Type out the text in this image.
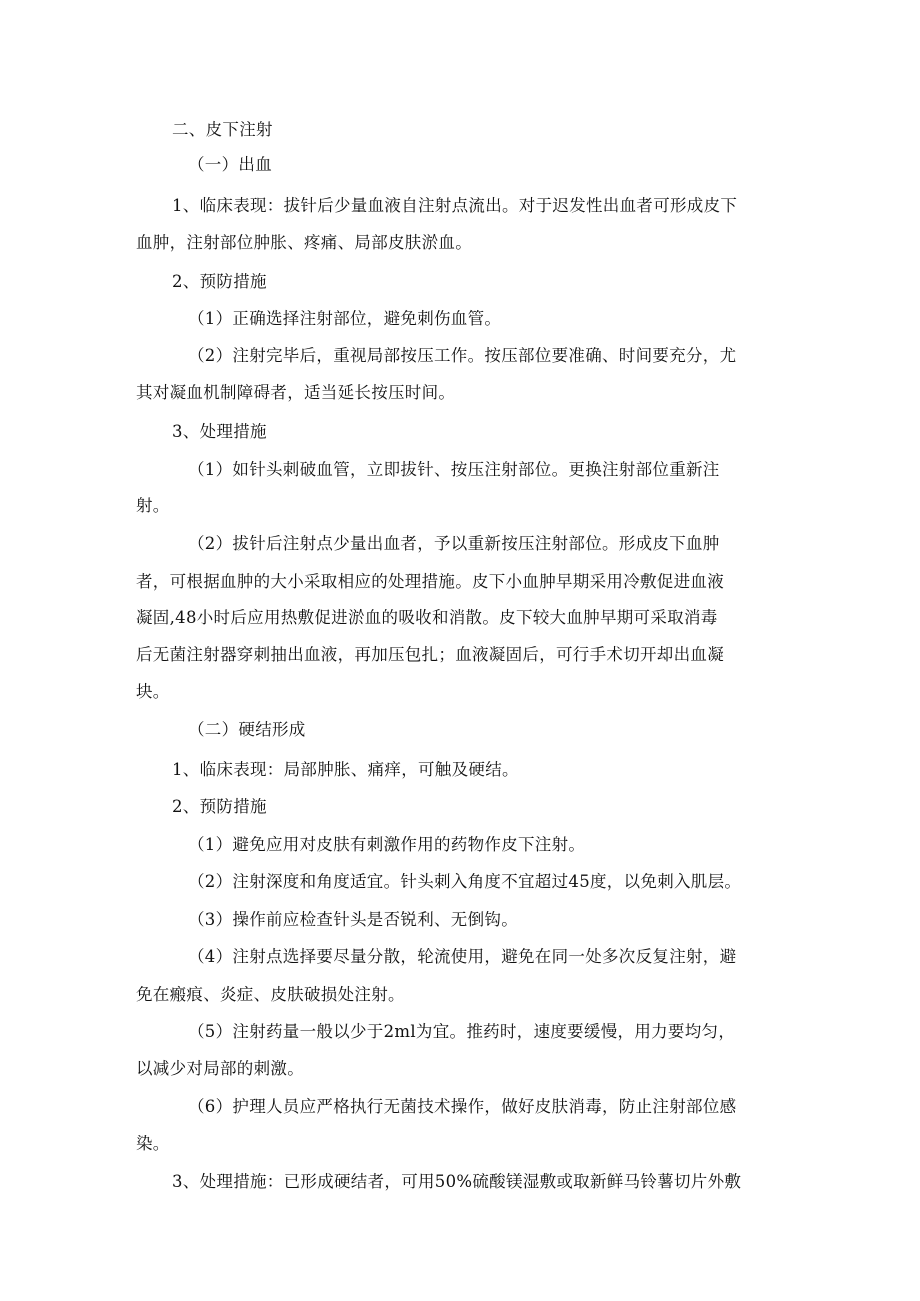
二、皮下注射
（一）出血
1、临床表现：拔针后少量血液自注射点流出。对于迟发性出血者可形成皮下
血肿，注射部位肿胀、疼痛、局部皮肤淤血。
2、预防措施
（1）正确选择注射部位，避免刺伤血管。
（2）注射完毕后，重视局部按压工作。按压部位要准确、时间要充分，尤
其对凝血机制障碍者，适当延长按压时间。
3、处理措施
（1）如针头刺破血管，立即拔针、按压注射部位。更换注射部位重新注
射。
（2）拔针后注射点少量出血者，予以重新按压注射部位。形成皮下血肿
者，可根据血肿的大小采取相应的处理措施。皮下小血肿早期采用冷敷促进血液
凝固,48小时后应用热敷促进淤血的吸收和消散。皮下较大血肿早期可采取消毒
后无菌注射器穿刺抽出血液，再加压包扎；血液凝固后，可行手术切开却出血凝
块。
（二）硬结形成
1、临床表现：局部肿胀、痛痒，可触及硬结。
2、预防措施
（1）避免应用对皮肤有刺激作用的药物作皮下注射。
（2）注射深度和角度适宜。针头刺入角度不宜超过45度，以免刺入肌层。
（3）操作前应检查针头是否锐利、无倒钩。
（4）注射点选择要尽量分散，轮流使用，避免在同一处多次反复注射，避
免在瘢痕、炎症、皮肤破损处注射。
（5）注射药量一般以少于2ml为宜。推药时，速度要缓慢，用力要均匀，
以减少对局部的刺激。
（6）护理人员应严格执行无菌技术操作，做好皮肤消毒，防止注射部位感
染。
3、处理措施：已形成硬结者，可用50%硫酸镁湿敷或取新鲜马铃薯切片外敷
